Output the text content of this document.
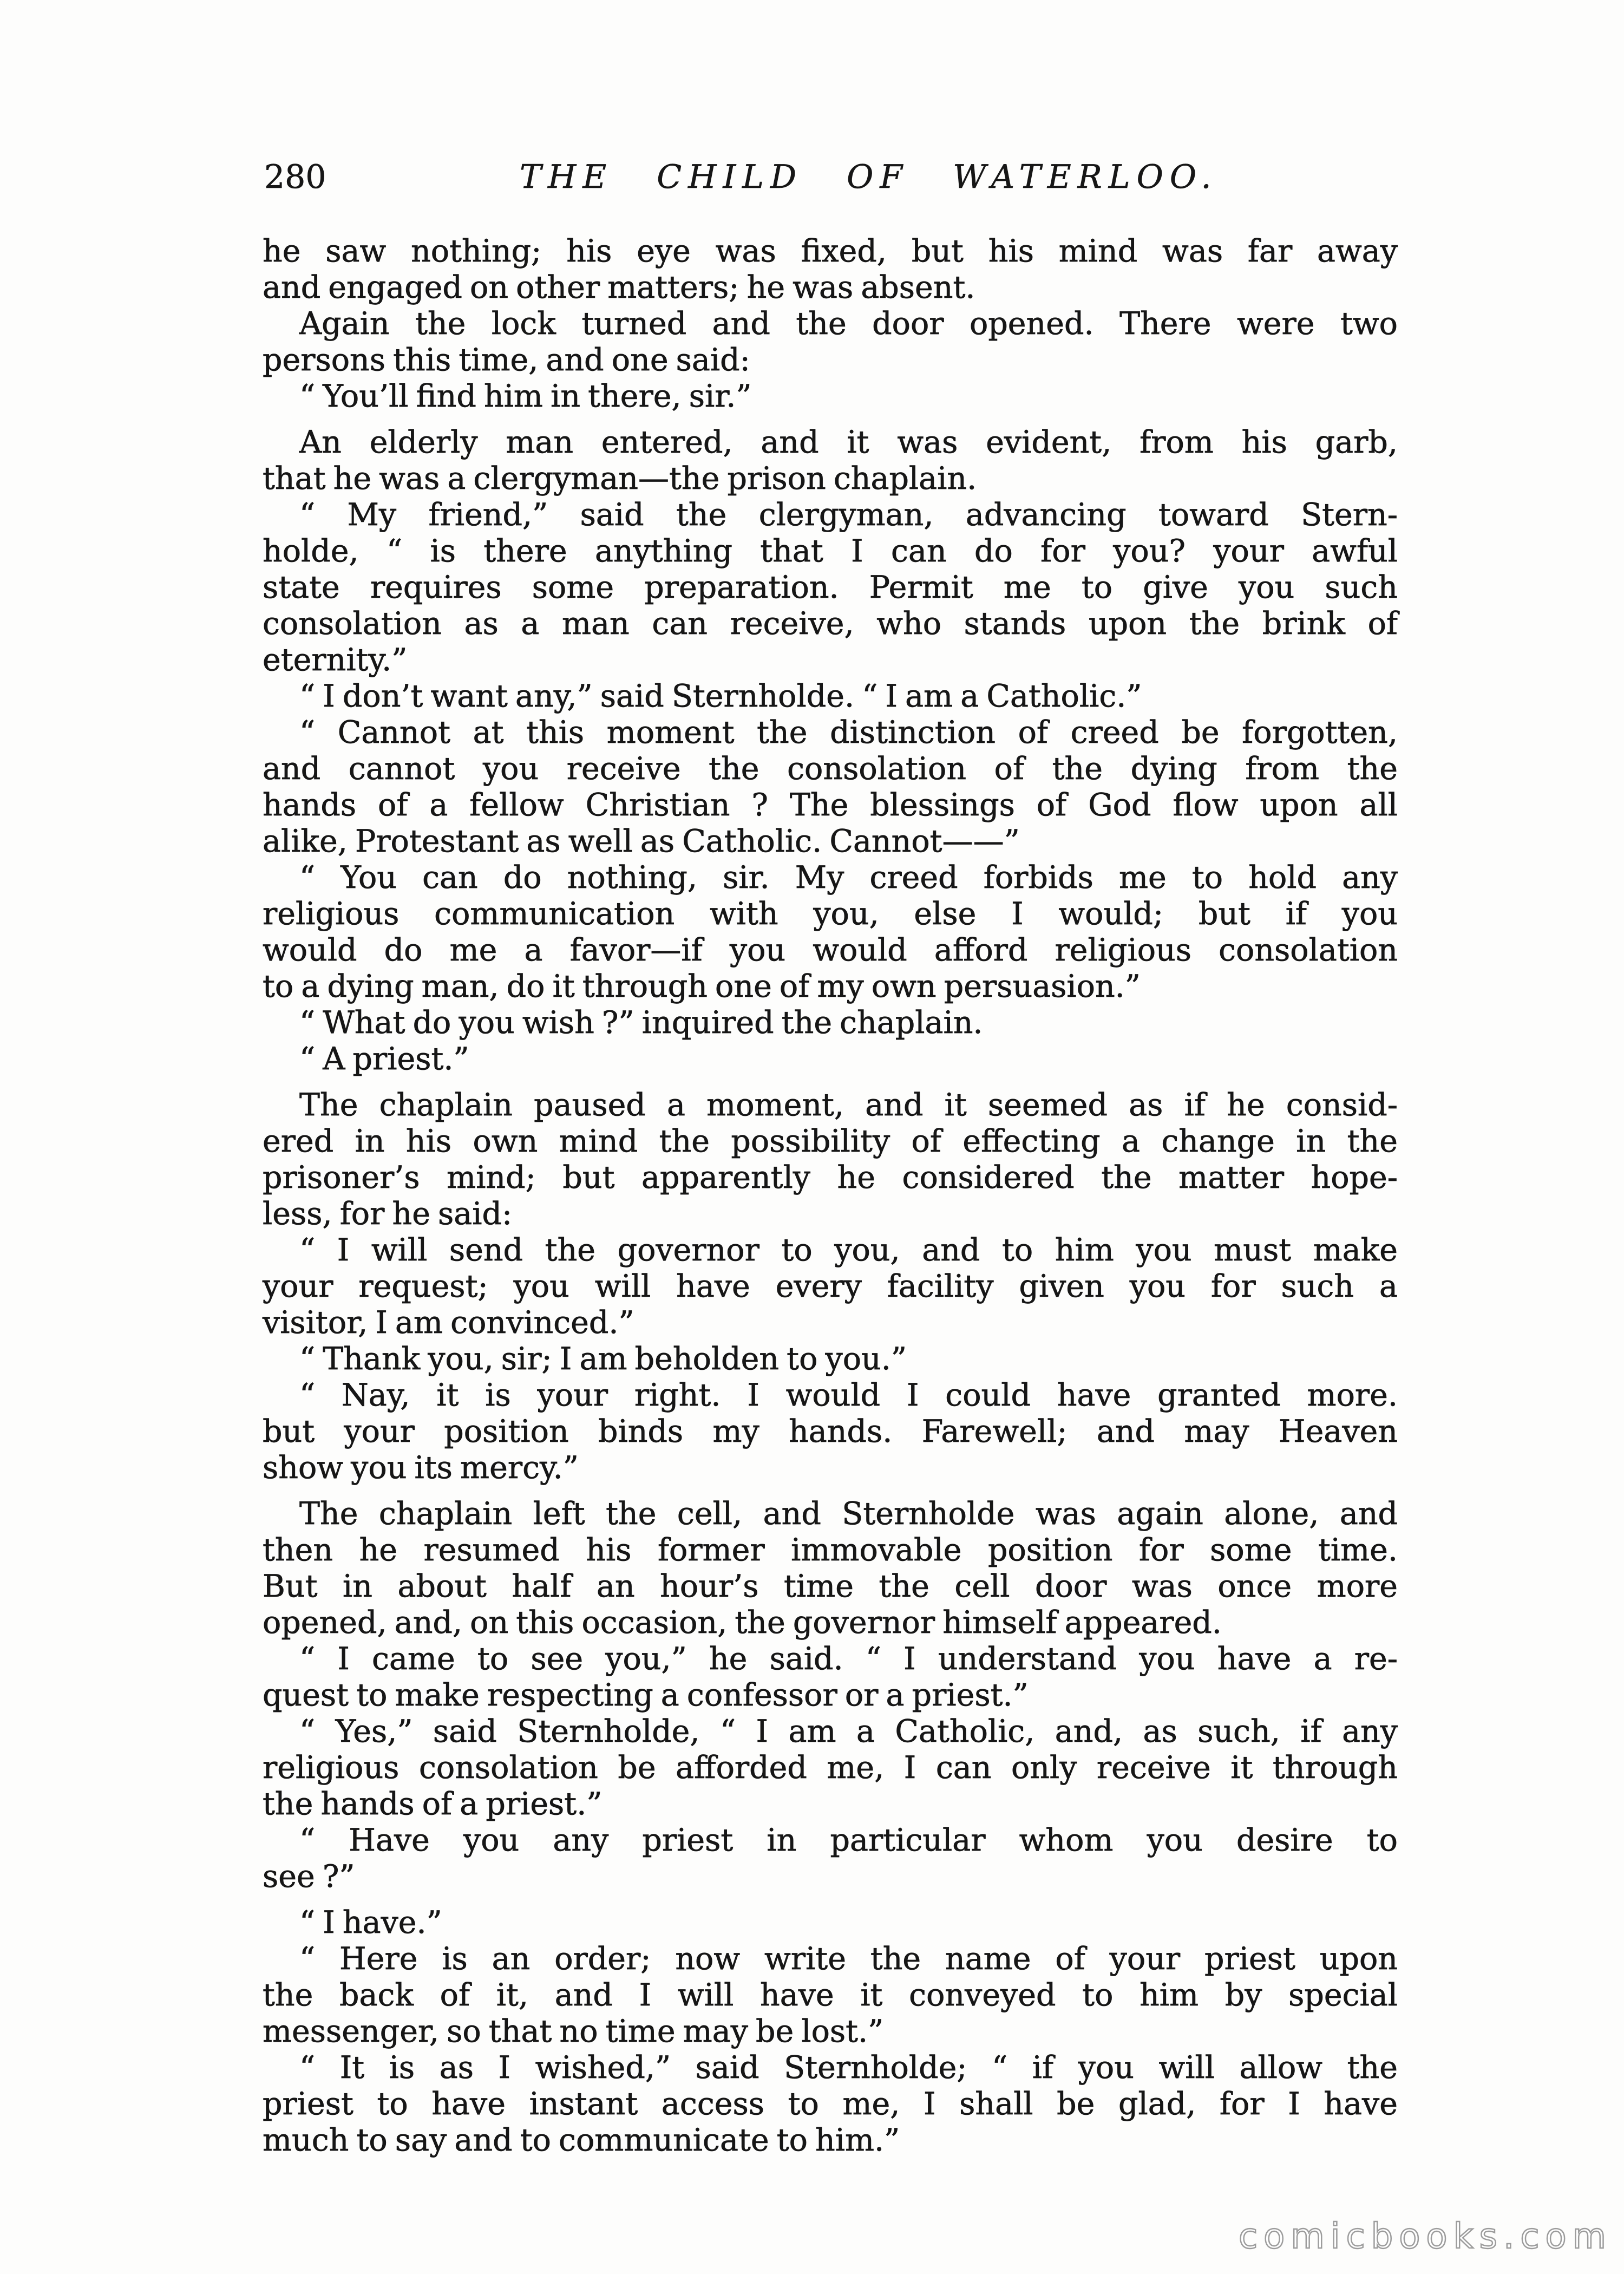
280	THE CHILD OF WATERLOO.
he saw nothing; his eye was fixed, but his mind was far away
and engaged on other matters; he was absent.
Again the lock turned and the door opened. There were two
persons this time, and one said:
“ You’ll find him in there, sir.”
An elderly man entered, and it was evident, from his garb,
that he was a clergyman—the prison chaplain.
“ My friend,” said the clergyman, advancing toward Stern-
holde, “ is there anything that I can do for you? your awful
state requires some preparation. Permit me to give you such
consolation as a man can receive, who stands upon the brink of
eternity.”
“ I don’t want any,” said Sternholde. “ I am a Catholic.”
“ Cannot at this moment the distinction of creed be forgotten,
and cannot you receive the consolation of the dying from the
hands of a fellow Christian ? The blessings of God flow upon all
alike, Protestant as well as Catholic. Cannot——”
“ You can do nothing, sir. My creed forbids me to hold any
religious communication with you, else I would; but if you
would do me a favor—if you would afford religious consolation
to a dying man, do it through one of my own persuasion.”
“ What do you wish ?” inquired the chaplain.
“ A priest.”
The chaplain paused a moment, and it seemed as if he consid-
ered in his own mind the possibility of effecting a change in the
prisoner’s mind; but apparently he considered the matter hope-
less, for he said:
“ I will send the governor to you, and to him you must make
your request; you will have every facility given you for such a
visitor, I am convinced.”
“ Thank you, sir; I am beholden to you.”
“ Nay, it is your right. I would I could have granted more.
but your position binds my hands. Farewell; and may Heaven
show you its mercy.”
The chaplain left the cell, and Sternholde was again alone, and
then he resumed his former immovable position for some time.
But in about half an hour’s time the cell door was once more
opened, and, on this occasion, the governor himself appeared.
“ I came to see you,” he said. “ I understand you have a re-
quest to make respecting a confessor or a priest.”
“ Yes,” said Sternholde, “ I am a Catholic, and, as such, if any
religious consolation be afforded me, I can only receive it through
the hands of a priest.”
“ Have you any priest in particular whom you desire to
see ?”
“ I have.”
“ Here is an order; now write the name of your priest upon
the back of it, and I will have it conveyed to him by special
messenger, so that no time may be lost.”
“ It is as I wished,” said Sternholde; “ if you will allow the
priest to have instant access to me, I shall be glad, for I have
much to say and to communicate to him.”
comicbooks.com
